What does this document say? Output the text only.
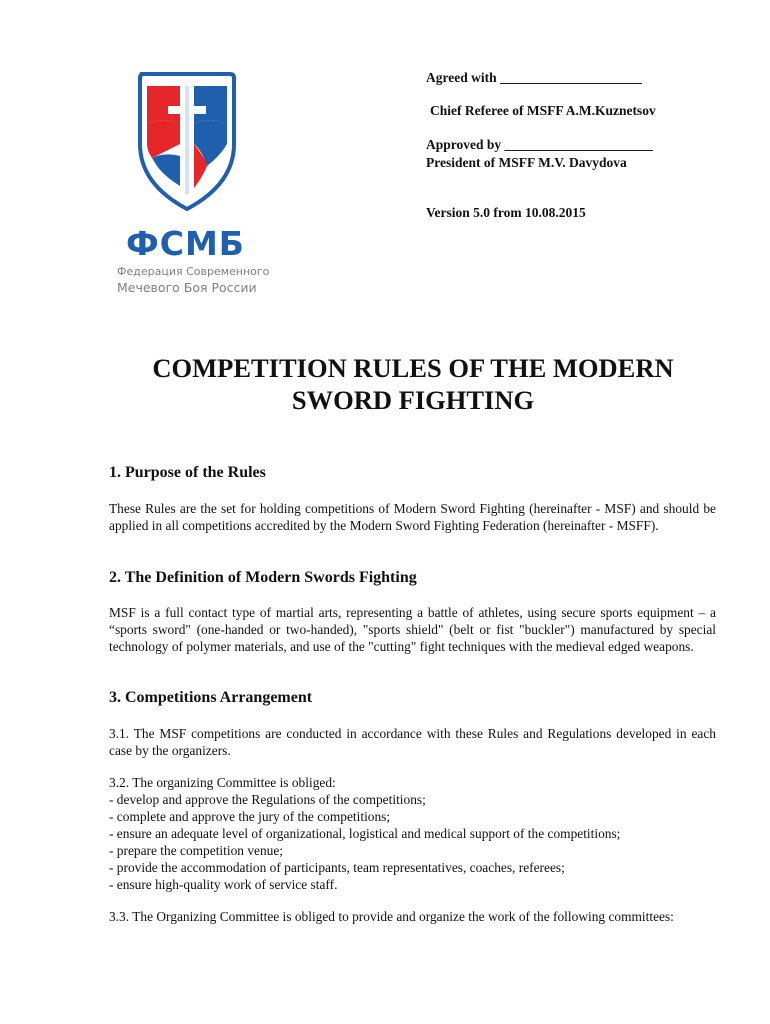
ФСМБ
Федерация Современного
Мечевого Боя России

Agreed with _____________________

Chief Referee of MSFF A.M.Kuznetsov

Approved by ______________________

President of MSFF M.V. Davydova

Version 5.0 from 10.08.2015

COMPETITION RULES OF THE MODERN
SWORD FIGHTING
1. Purpose of the Rules

These Rules are the set for holding competitions of Modern Sword Fighting (hereinafter - MSF) and should be applied in all competitions accredited by the Modern Sword Fighting Federation (hereinafter - MSFF).

2. The Definition of Modern Swords Fighting

MSF is a full contact type of martial arts, representing a battle of athletes, using secure sports equipment – a “sports sword" (one-handed or two-handed), "sports shield" (belt or fist "buckler") manufactured by special technology of polymer materials, and use of the "cutting" fight techniques with the medieval edged weapons.

3. Competitions Arrangement

3.1. The MSF competitions are conducted in accordance with these Rules and Regulations developed in each case by the organizers.

3.2. The organizing Committee is obliged:
- develop and approve the Regulations of the competitions;
- complete and approve the jury of the competitions;
- ensure an adequate level of organizational, logistical and medical support of the competitions;
- prepare the competition venue;
- provide the accommodation of participants, team representatives, coaches, referees;
- ensure high-quality work of service staff.

3.3. The Organizing Committee is obliged to provide and organize the work of the following committees:
